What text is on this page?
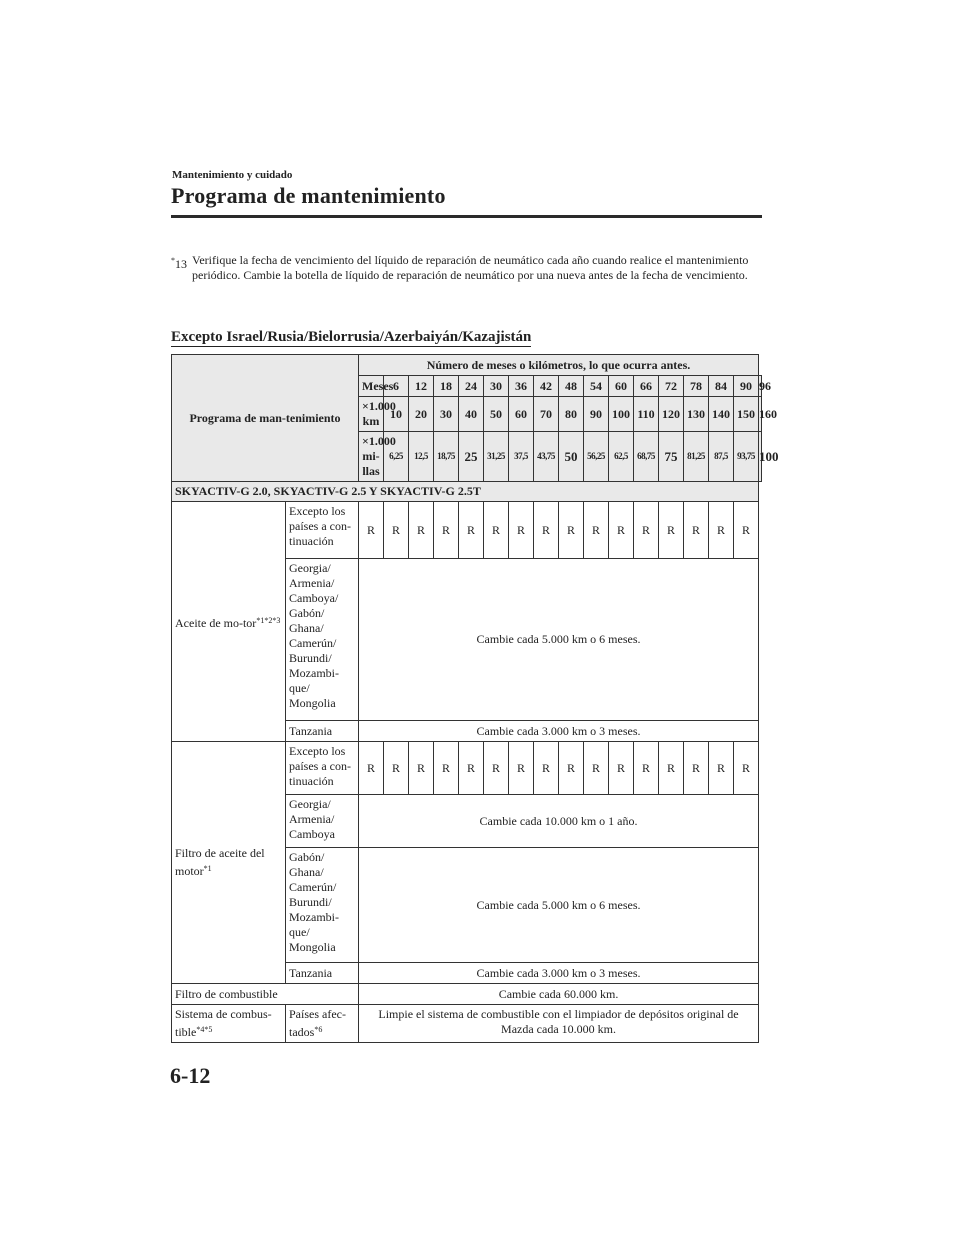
Mantenimiento y cuidado
Programa de mantenimiento
*13 Verifique la fecha de vencimiento del líquido de reparación de neumático cada año cuando realice el mantenimiento periódico. Cambie la botella de líquido de reparación de neumático por una nueva antes de la fecha de vencimiento.
Excepto Israel/Rusia/Bielorrusia/Azerbaiyán/Kazajistán
Programa de man-tenimiento		Número de meses o kilómetros, lo que ocurra antes.																
		Meses	6	12	18	24	30	36	42	48	54	60	66	72	78	84	90	96
		×1.000 km	10	20	30	40	50	60	70	80	90	100	110	120	130	140	150	160
		×1.000 mi-llas	6,25	12,5	18,75	25	31,25	37,5	43,75	50	56,25	62,5	68,75	75	81,25	87,5	93,75	100
SKYACTIV-G 2.0, SKYACTIV-G 2.5 Y SKYACTIV-G 2.5T																		
Aceite de mo-tor$^{*1*2*3}$	Excepto los países a con-tinuación	R	R	R	R	R	R	R	R	R	R	R	R	R	R	R	R	
	Georgia/ Armenia/ Camboya/ Gabón/ Ghana/ Camerún/ Burundi/ Mozambi-que/ Mongolia	Cambie cada 5.000 km o 6 meses.																
	Tanzania	Cambie cada 3.000 km o 3 meses.																
Filtro de aceite del motor$^{*1}$	Excepto los países a con-tinuación	R	R	R	R	R	R	R	R	R	R	R	R	R	R	R	R	
	Georgia/ Armenia/ Camboya	Cambie cada 10.000 km o 1 año.																
	Gabón/ Ghana/ Camerún/ Burundi/ Mozambi-que/ Mongolia	Cambie cada 5.000 km o 6 meses.																
	Tanzania	Cambie cada 3.000 km o 3 meses.																
Filtro de combustible		Cambie cada 60.000 km.																
Sistema de combus-tible$^{*4*5}$	Países afec-tados$^{*6}$	Limpie el sistema de combustible con el limpiador de depósitos original de Mazda cada 10.000 km.																
6-12
